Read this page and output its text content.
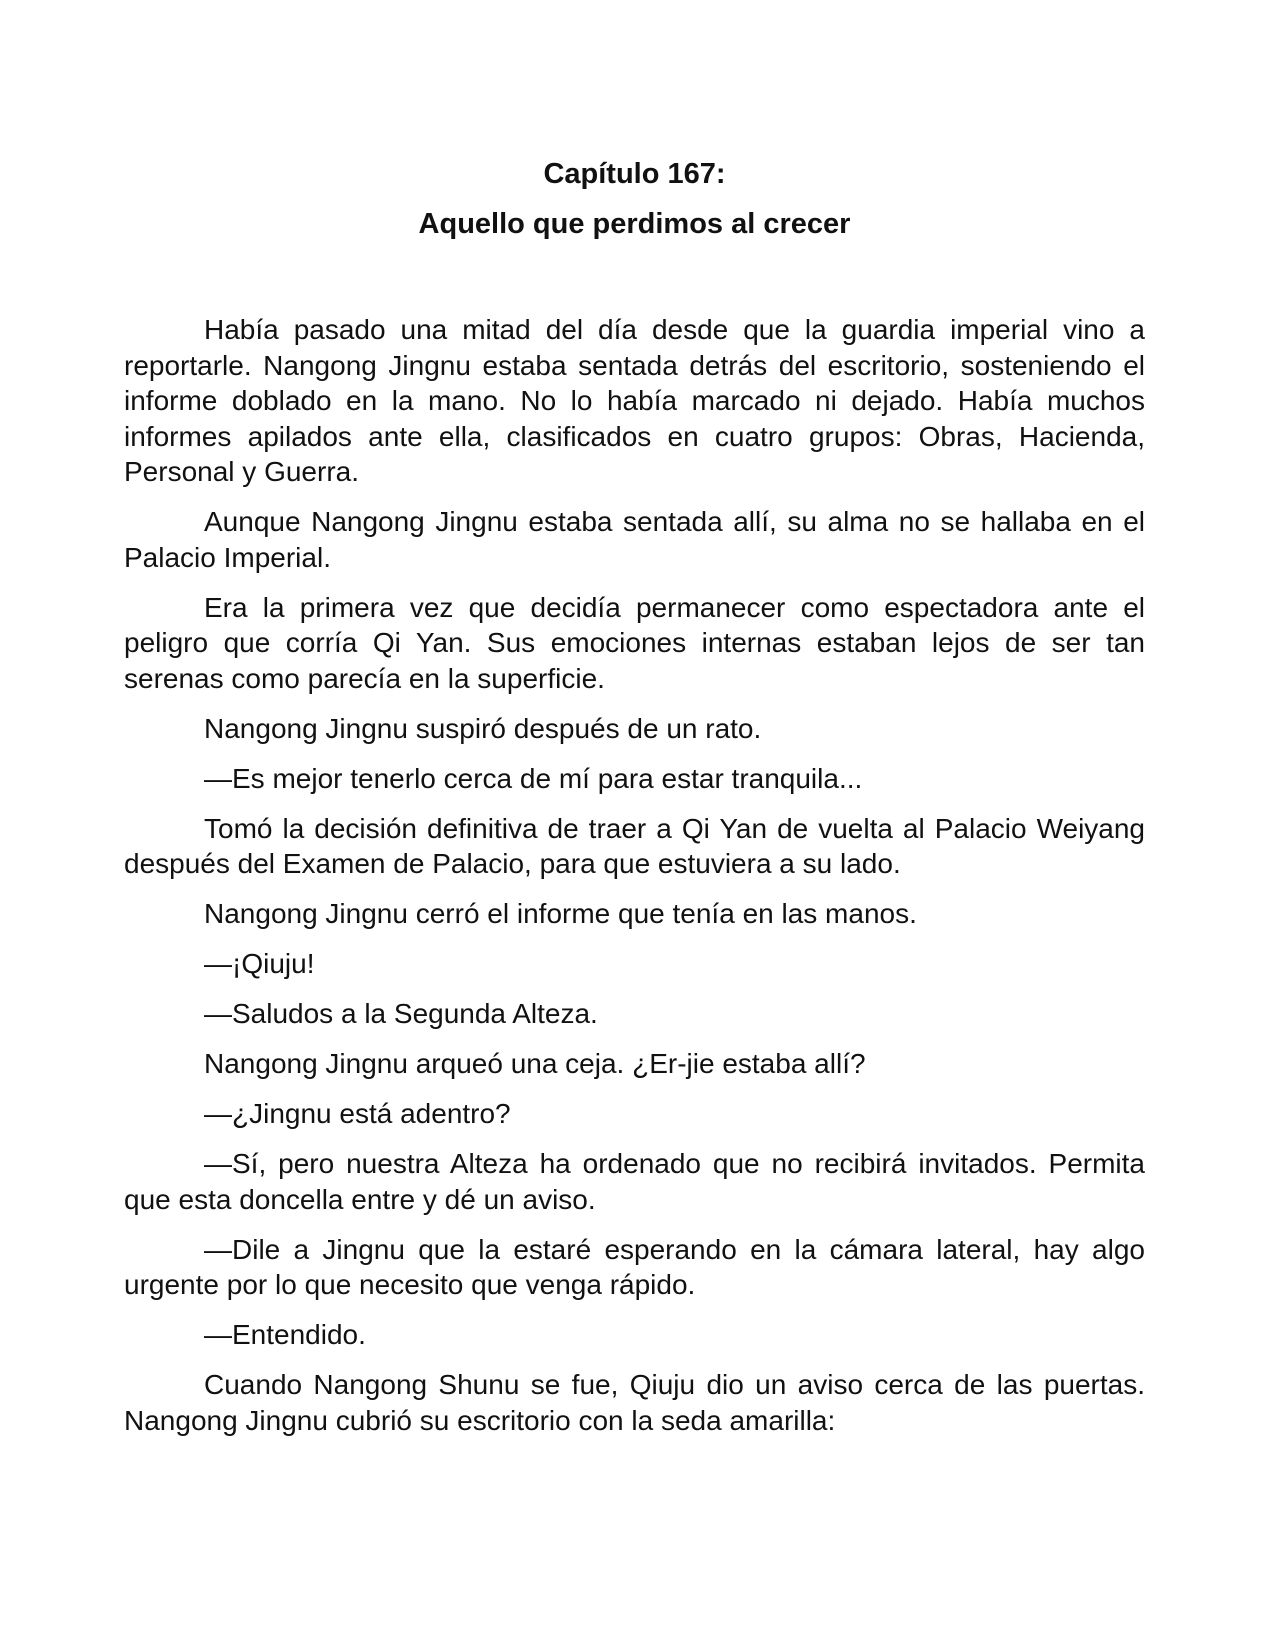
Capítulo 167:
Aquello que perdimos al crecer

Había pasado una mitad del día desde que la guardia imperial vino a reportarle. Nangong Jingnu estaba sentada detrás del escritorio, sosteniendo el informe doblado en la mano. No lo había marcado ni dejado. Había muchos informes apilados ante ella, clasificados en cuatro grupos: Obras, Hacienda, Personal y Guerra.

Aunque Nangong Jingnu estaba sentada allí, su alma no se hallaba en el Palacio Imperial.

Era la primera vez que decidía permanecer como espectadora ante el peligro que corría Qi Yan. Sus emociones internas estaban lejos de ser tan serenas como parecía en la superficie.

Nangong Jingnu suspiró después de un rato.

—Es mejor tenerlo cerca de mí para estar tranquila...

Tomó la decisión definitiva de traer a Qi Yan de vuelta al Palacio Weiyang después del Examen de Palacio, para que estuviera a su lado.

Nangong Jingnu cerró el informe que tenía en las manos.

—¡Qiuju!

—Saludos a la Segunda Alteza.

Nangong Jingnu arqueó una ceja. ¿Er-jie estaba allí?

—¿Jingnu está adentro?

—Sí, pero nuestra Alteza ha ordenado que no recibirá invitados. Permita que esta doncella entre y dé un aviso.

—Dile a Jingnu que la estaré esperando en la cámara lateral, hay algo urgente por lo que necesito que venga rápido.

—Entendido.

Cuando Nangong Shunu se fue, Qiuju dio un aviso cerca de las puertas. Nangong Jingnu cubrió su escritorio con la seda amarilla:
